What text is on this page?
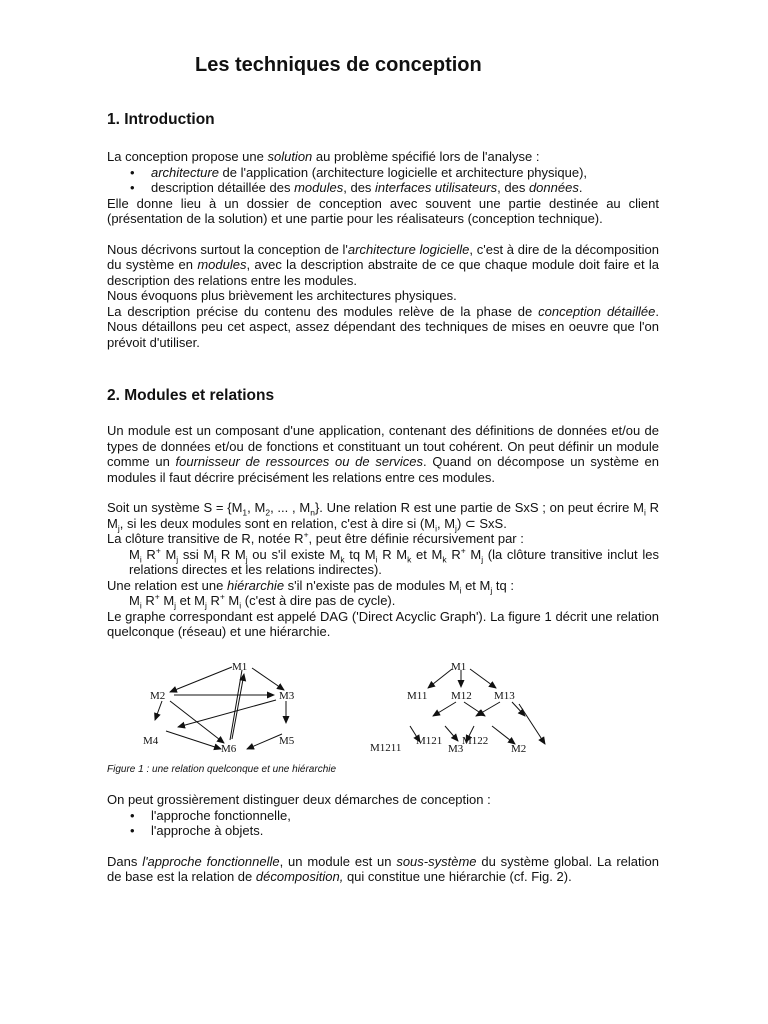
Les techniques de conception
1. Introduction

La conception propose une solution au problème spécifié lors de l'analyse :

• architecture de l'application (architecture logicielle et architecture physique),
• description détaillée des modules, des interfaces utilisateurs, des données.

Elle donne lieu à un dossier de conception avec souvent une partie destinée au client (présentation de la solution) et une partie pour les réalisateurs (conception technique).

Nous décrivons surtout la conception de l'architecture logicielle, c'est à dire de la décomposition du système en modules, avec la description abstraite de ce que chaque module doit faire et la description des relations entre les modules.

Nous évoquons plus brièvement les architectures physiques.

La description précise du contenu des modules relève de la phase de conception détaillée. Nous détaillons peu cet aspect, assez dépendant des techniques de mises en oeuvre que l'on prévoit d'utiliser.

2. Modules et relations

Un module est un composant d'une application, contenant des définitions de données et/ou de types de données et/ou de fonctions et constituant un tout cohérent. On peut définir un module comme un fournisseur de ressources ou de services. Quand on décompose un système en modules il faut décrire précisément les relations entre ces modules.

Soit un système $S = \{M_1$, $M_2$, ... , $M_n$}. Une relation R est une partie de SxS ; on peut écrire $M_i$ R $M_j$, si les deux modules sont en relation, c'est à dire si ($M_i$, $M_j$) ⊂ SxS.

La clôture transitive de R, notée R+, peut être définie récursivement par :

$M_i$ R+ $M_j$ ssi $M_i$ R $M_j$ ou s'il existe $M_k$ tq $M_i$ R $M_k$ et $M_k$ R+ $M_j$ (la clôture transitive inclut les relations directes et les relations indirectes).

Une relation est une hiérarchie s'il n'existe pas de modules $M_i$ et $M_j$ tq :

$M_i$ R+ $M_j$ et $M_j$ R+ $M_i$ (c'est à dire pas de cycle).

Le graphe correspondant est appelé DAG ('Direct Acyclic Graph'). La figure 1 décrit une relation quelconque (réseau) et une hiérarchie.

M1
M2	M3
M4	M5
M6
M1
M11 M12 M13
M1211
M121
M3
M122
M2

Figure 1 : une relation quelconque et une hiérarchie

On peut grossièrement distinguer deux démarches de conception :

• l'approche fonctionnelle,
• l'approche à objets.

Dans l'approche fonctionnelle, un module est un sous-système du système global. La relation de base est la relation de décomposition, qui constitue une hiérarchie (cf. Fig. 2).
